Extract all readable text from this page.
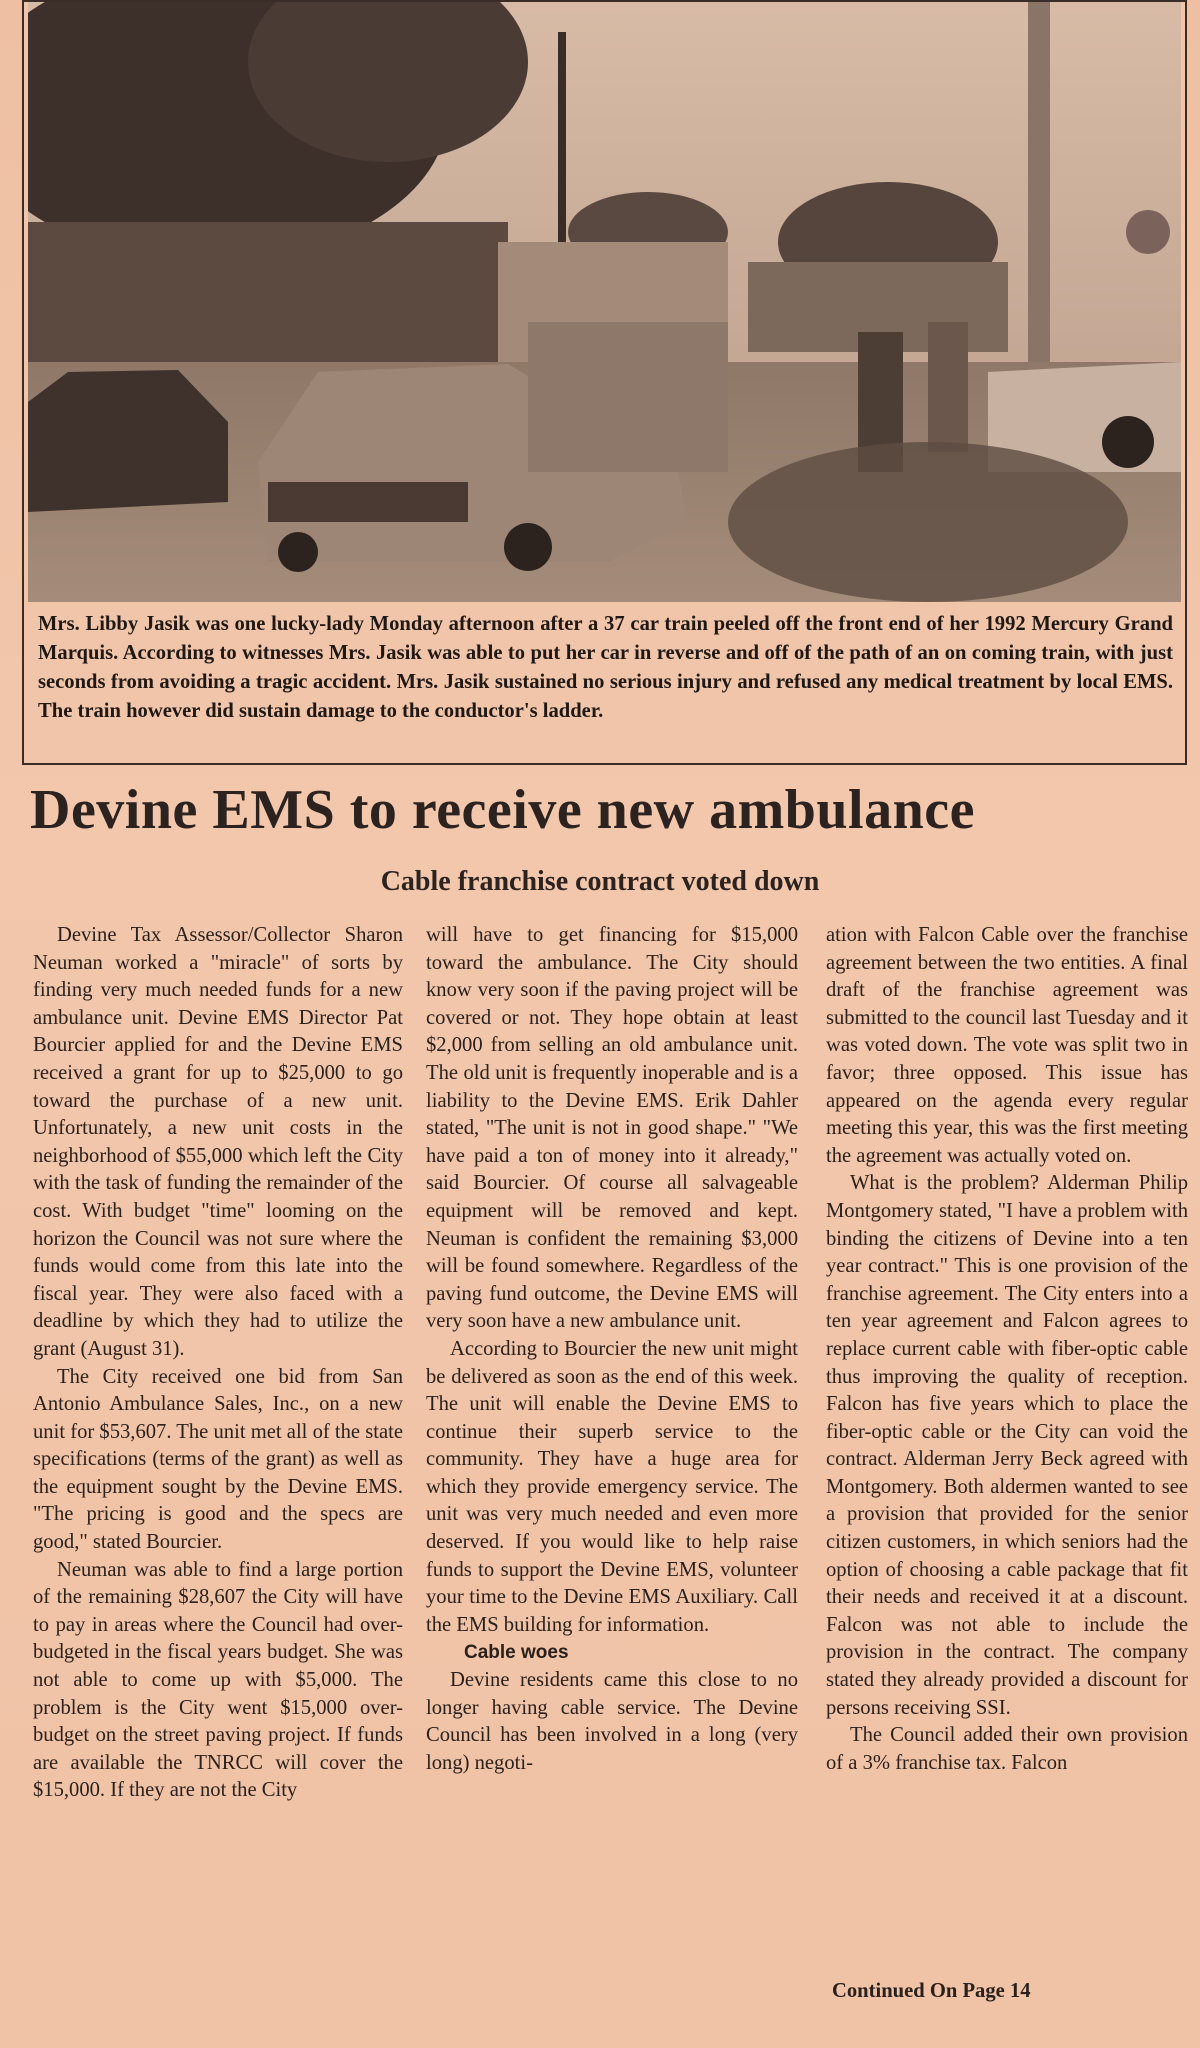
Mrs. Libby Jasik was one lucky-lady Monday afternoon after a 37 car train peeled off the front end of her 1992 Mercury Grand Marquis. According to witnesses Mrs. Jasik was able to put her car in reverse and off of the path of an on coming train, with just seconds from avoiding a tragic accident. Mrs. Jasik sustained no serious injury and refused any medical treatment by local EMS. The train however did sustain damage to the conductor's ladder.
Devine EMS to receive new ambulance
Cable franchise contract voted down

Devine Tax Assessor/Collector Sharon Neuman worked a "miracle" of sorts by finding very much needed funds for a new ambulance unit. Devine EMS Director Pat Bourcier applied for and the Devine EMS received a grant for up to $25,000 to go toward the purchase of a new unit. Unfortunately, a new unit costs in the neighborhood of $55,000 which left the City with the task of funding the remainder of the cost. With budget "time" looming on the horizon the Council was not sure where the funds would come from this late into the fiscal year. They were also faced with a deadline by which they had to utilize the grant (August 31).

The City received one bid from San Antonio Ambulance Sales, Inc., on a new unit for $53,607. The unit met all of the state specifications (terms of the grant) as well as the equipment sought by the Devine EMS. "The pricing is good and the specs are good," stated Bourcier.

Neuman was able to find a large portion of the remaining $28,607 the City will have to pay in areas where the Council had over-budgeted in the fiscal years budget. She was not able to come up with $5,000. The problem is the City went $15,000 over-budget on the street paving project. If funds are available the TNRCC will cover the $15,000. If they are not the City

will have to get financing for $15,000 toward the ambulance. The City should know very soon if the paving project will be covered or not. They hope obtain at least $2,000 from selling an old ambulance unit. The old unit is frequently inoperable and is a liability to the Devine EMS. Erik Dahler stated, "The unit is not in good shape." "We have paid a ton of money into it already," said Bourcier. Of course all salvageable equipment will be removed and kept. Neuman is confident the remaining $3,000 will be found somewhere. Regardless of the paving fund outcome, the Devine EMS will very soon have a new ambulance unit.

According to Bourcier the new unit might be delivered as soon as the end of this week. The unit will enable the Devine EMS to continue their superb service to the community. They have a huge area for which they provide emergency service. The unit was very much needed and even more deserved. If you would like to help raise funds to support the Devine EMS, volunteer your time to the Devine EMS Auxiliary. Call the EMS building for information.

Cable woes

Devine residents came this close to no longer having cable service. The Devine Council has been involved in a long (very long) negoti-

ation with Falcon Cable over the franchise agreement between the two entities. A final draft of the franchise agreement was submitted to the council last Tuesday and it was voted down. The vote was split two in favor; three opposed. This issue has appeared on the agenda every regular meeting this year, this was the first meeting the agreement was actually voted on.

What is the problem? Alderman Philip Montgomery stated, "I have a problem with binding the citizens of Devine into a ten year contract." This is one provision of the franchise agreement. The City enters into a ten year agreement and Falcon agrees to replace current cable with fiber-optic cable thus improving the quality of reception. Falcon has five years which to place the fiber-optic cable or the City can void the contract. Alderman Jerry Beck agreed with Montgomery. Both aldermen wanted to see a provision that provided for the senior citizen customers, in which seniors had the option of choosing a cable package that fit their needs and received it at a discount. Falcon was not able to include the provision in the contract. The company stated they already provided a discount for persons receiving SSI.

The Council added their own provision of a 3% franchise tax. Falcon

Continued On Page 14
